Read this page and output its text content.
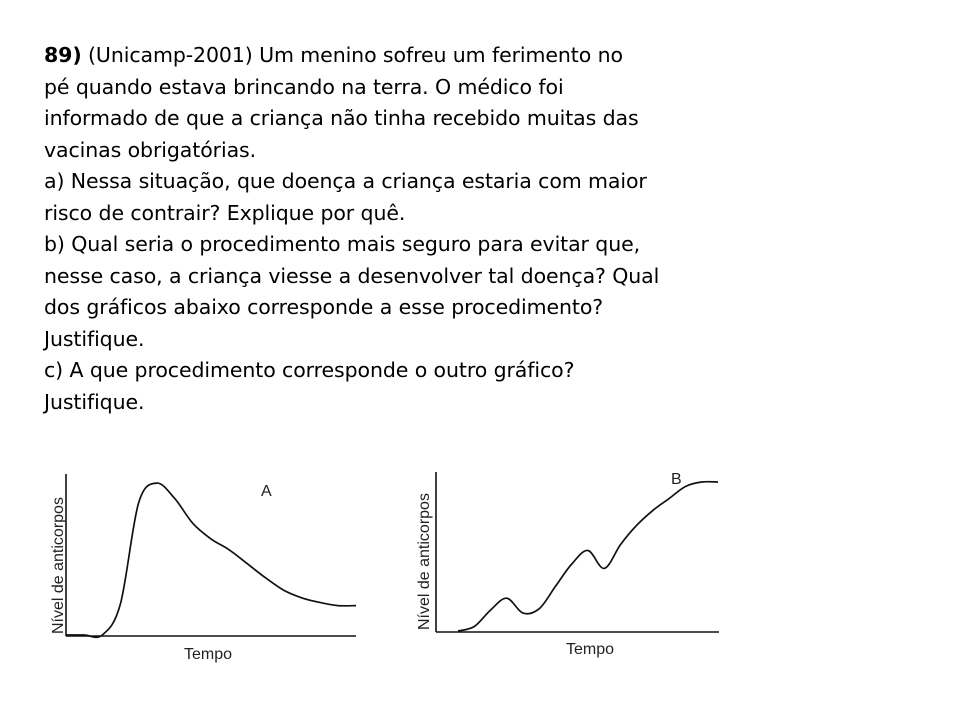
89) (Unicamp-2001) Um menino sofreu um ferimento no
pé quando estava brincando na terra. O médico foi
informado de que a criança não tinha recebido muitas das
vacinas obrigatórias.
a) Nessa situação, que doença a criança estaria com maior
risco de contrair? Explique por quê.
b) Qual seria o procedimento mais seguro para evitar que,
nesse caso, a criança viesse a desenvolver tal doença? Qual
dos gráficos abaixo corresponde a esse procedimento?
Justifique.
c) A que procedimento corresponde o outro gráfico?
Justifique.
Nível de anticorpos
Tempo
A
Nível de anticorpos
Tempo
B
